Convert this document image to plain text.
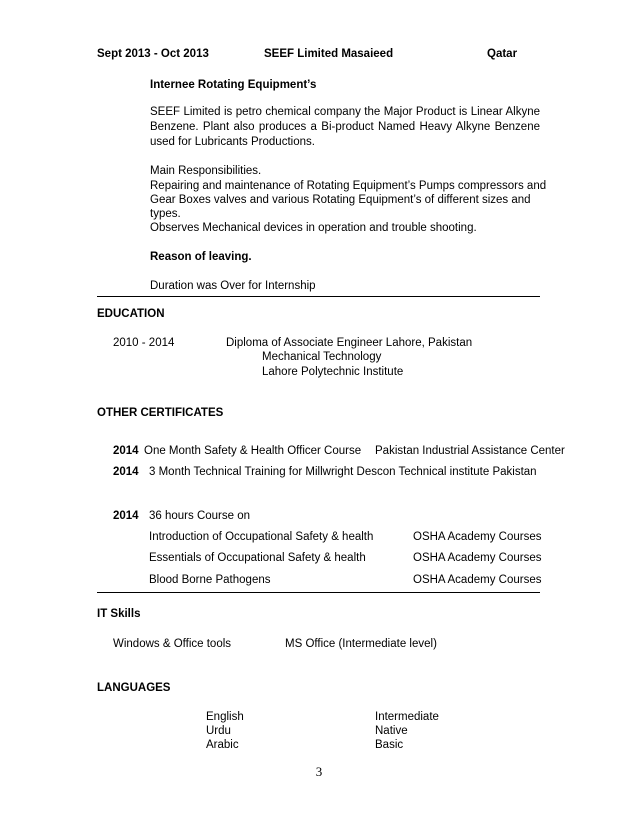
Sept 2013 - Oct 2013	SEEF Limited Masaieed	Qatar
Internee Rotating Equipment’s
SEEF Limited is petro chemical company the Major Product is Linear Alkyne Benzene. Plant also produces a Bi-product Named Heavy Alkyne Benzene used for Lubricants Productions.
Main Responsibilities.
Repairing and maintenance of Rotating Equipment’s Pumps compressors and
Gear Boxes valves and various Rotating Equipment’s of different sizes and
types.
Observes Mechanical devices in operation and trouble shooting.
Reason of leaving.
Duration was Over for Internship
EDUCATION
2010 - 2014	Diploma of Associate Engineer Lahore, Pakistan
Mechanical Technology
Lahore Polytechnic Institute
OTHER CERTIFICATES
2014 One Month Safety & Health Officer Course Pakistan Industrial Assistance Center
2014 3 Month Technical Training for Millwright Descon Technical institute Pakistan
2014 36 hours Course on
Introduction of Occupational Safety & health	OSHA Academy Courses
Essentials of Occupational Safety & health	OSHA Academy Courses
Blood Borne Pathogens	OSHA Academy Courses
IT Skills
Windows & Office tools	MS Office (Intermediate level)
LANGUAGES
English	Intermediate
Urdu	Native
Arabic	Basic
3
